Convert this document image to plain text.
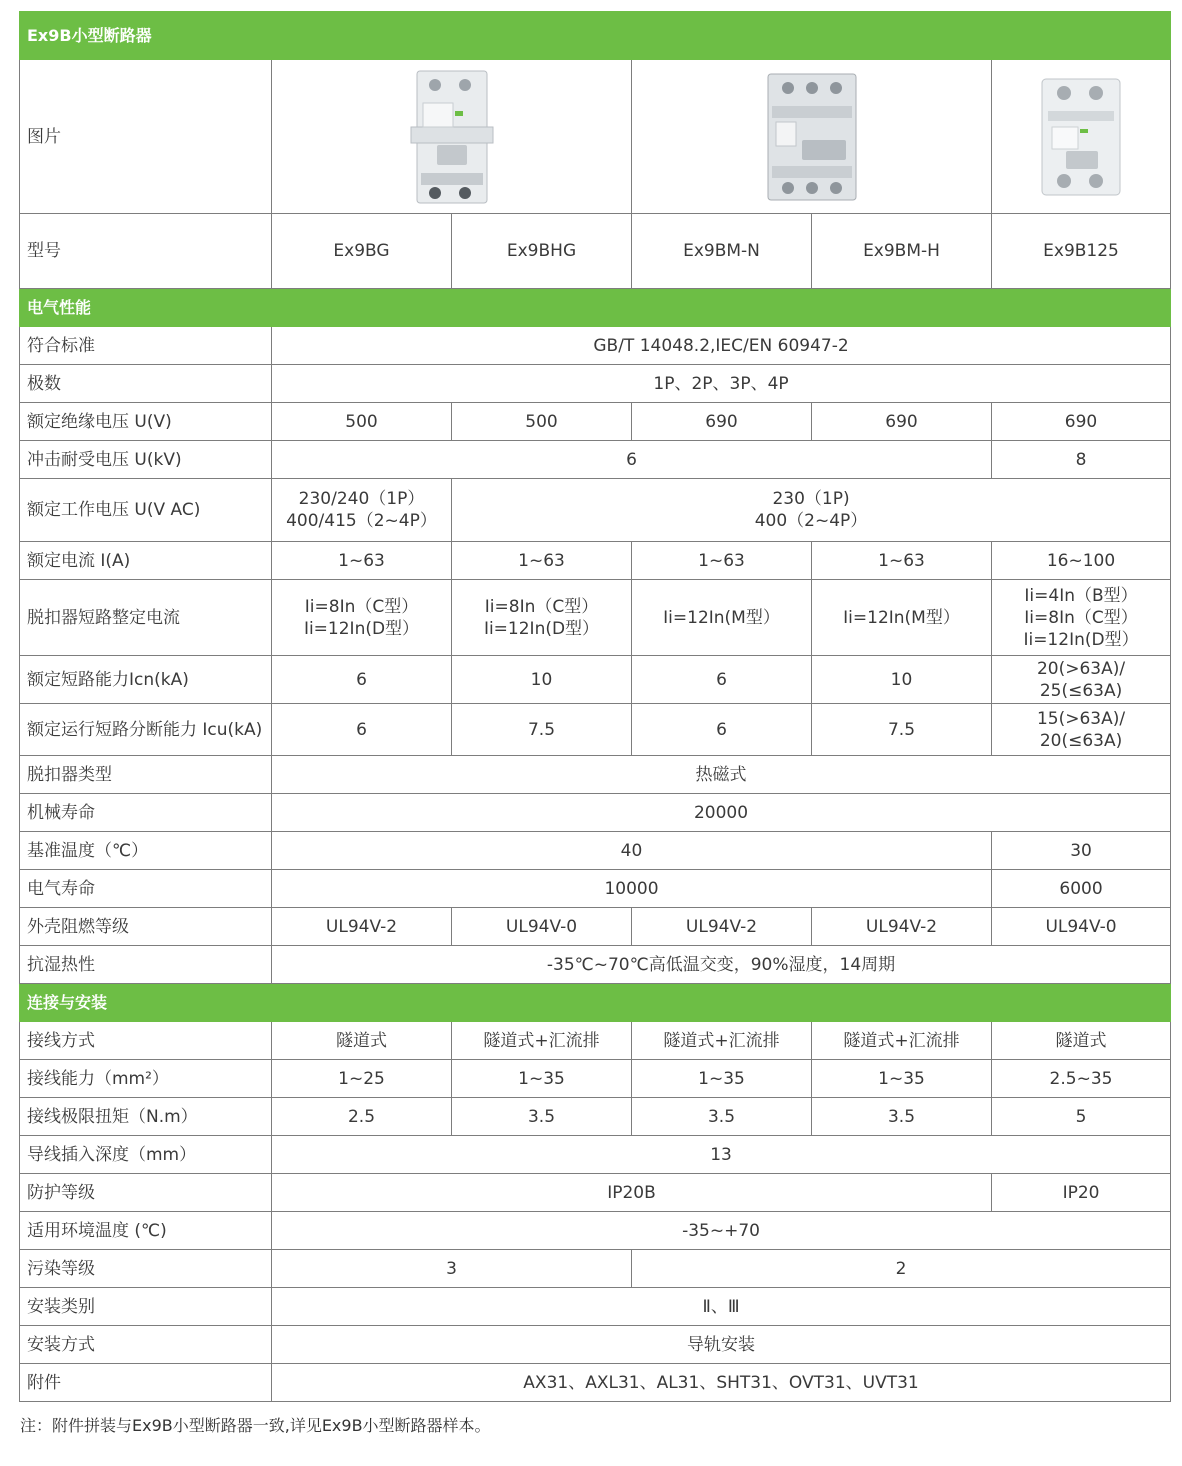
Ex9B小型断路器					
图片	

型号	Ex9BG	Ex9BHG	Ex9BM-N	Ex9BM-H	Ex9B125
电气性能					
符合标准	GB/T 14048.2,IEC/EN 60947-2				
极数	1P、2P、3P、4P				
额定绝缘电压 U(V)	500	500	690	690	690
冲击耐受电压 U(kV)	6				8
额定工作电压 U(V AC)	230/240（1P）
400/415（2~4P）	230（1P)
400（2~4P）			

额定电流 I(A)	1~63	1~63	1~63	1~63	16~100
脱扣器短路整定电流	Ii=8In（C型）
Ii=12In(D型）	Ii=8In（C型）
Ii=12In(D型）	Ii=12In(M型）	Ii=12In(M型）	Ii=4In（B型）
Ii=8In（C型）
Ii=12In(D型）

额定短路能力Icn(kA)	6	10	6	10	20(>63A)/
25(≤63A)

额定运行短路分断能力 Icu(kA)	6	7.5	6	7.5	15(>63A)/
20(≤63A)

脱扣器类型	热磁式				
机械寿命	20000				
基准温度（℃）	40				30
电气寿命	10000				6000
外壳阻燃等级	UL94V-2	UL94V-0	UL94V-2	UL94V-2	UL94V-0
抗湿热性	-35℃~70℃高低温交变，90%湿度，14周期				
连接与安装					
接线方式	隧道式	隧道式+汇流排	隧道式+汇流排	隧道式+汇流排	隧道式
接线能力（mm²）	1~25	1~35	1~35	1~35	2.5~35
接线极限扭矩（N.m）	2.5	3.5	3.5	3.5	5
导线插入深度（mm）	13				
防护等级	IP20B				IP20
适用环境温度 (℃)	-35~+70				
污染等级	3		2		
安装类别	Ⅱ、Ⅲ				
安装方式	导轨安装				
附件	AX31、AXL31、AL31、SHT31、OVT31、UVT31				
注：附件拼装与Ex9B小型断路器一致,详见Ex9B小型断路器样本。
